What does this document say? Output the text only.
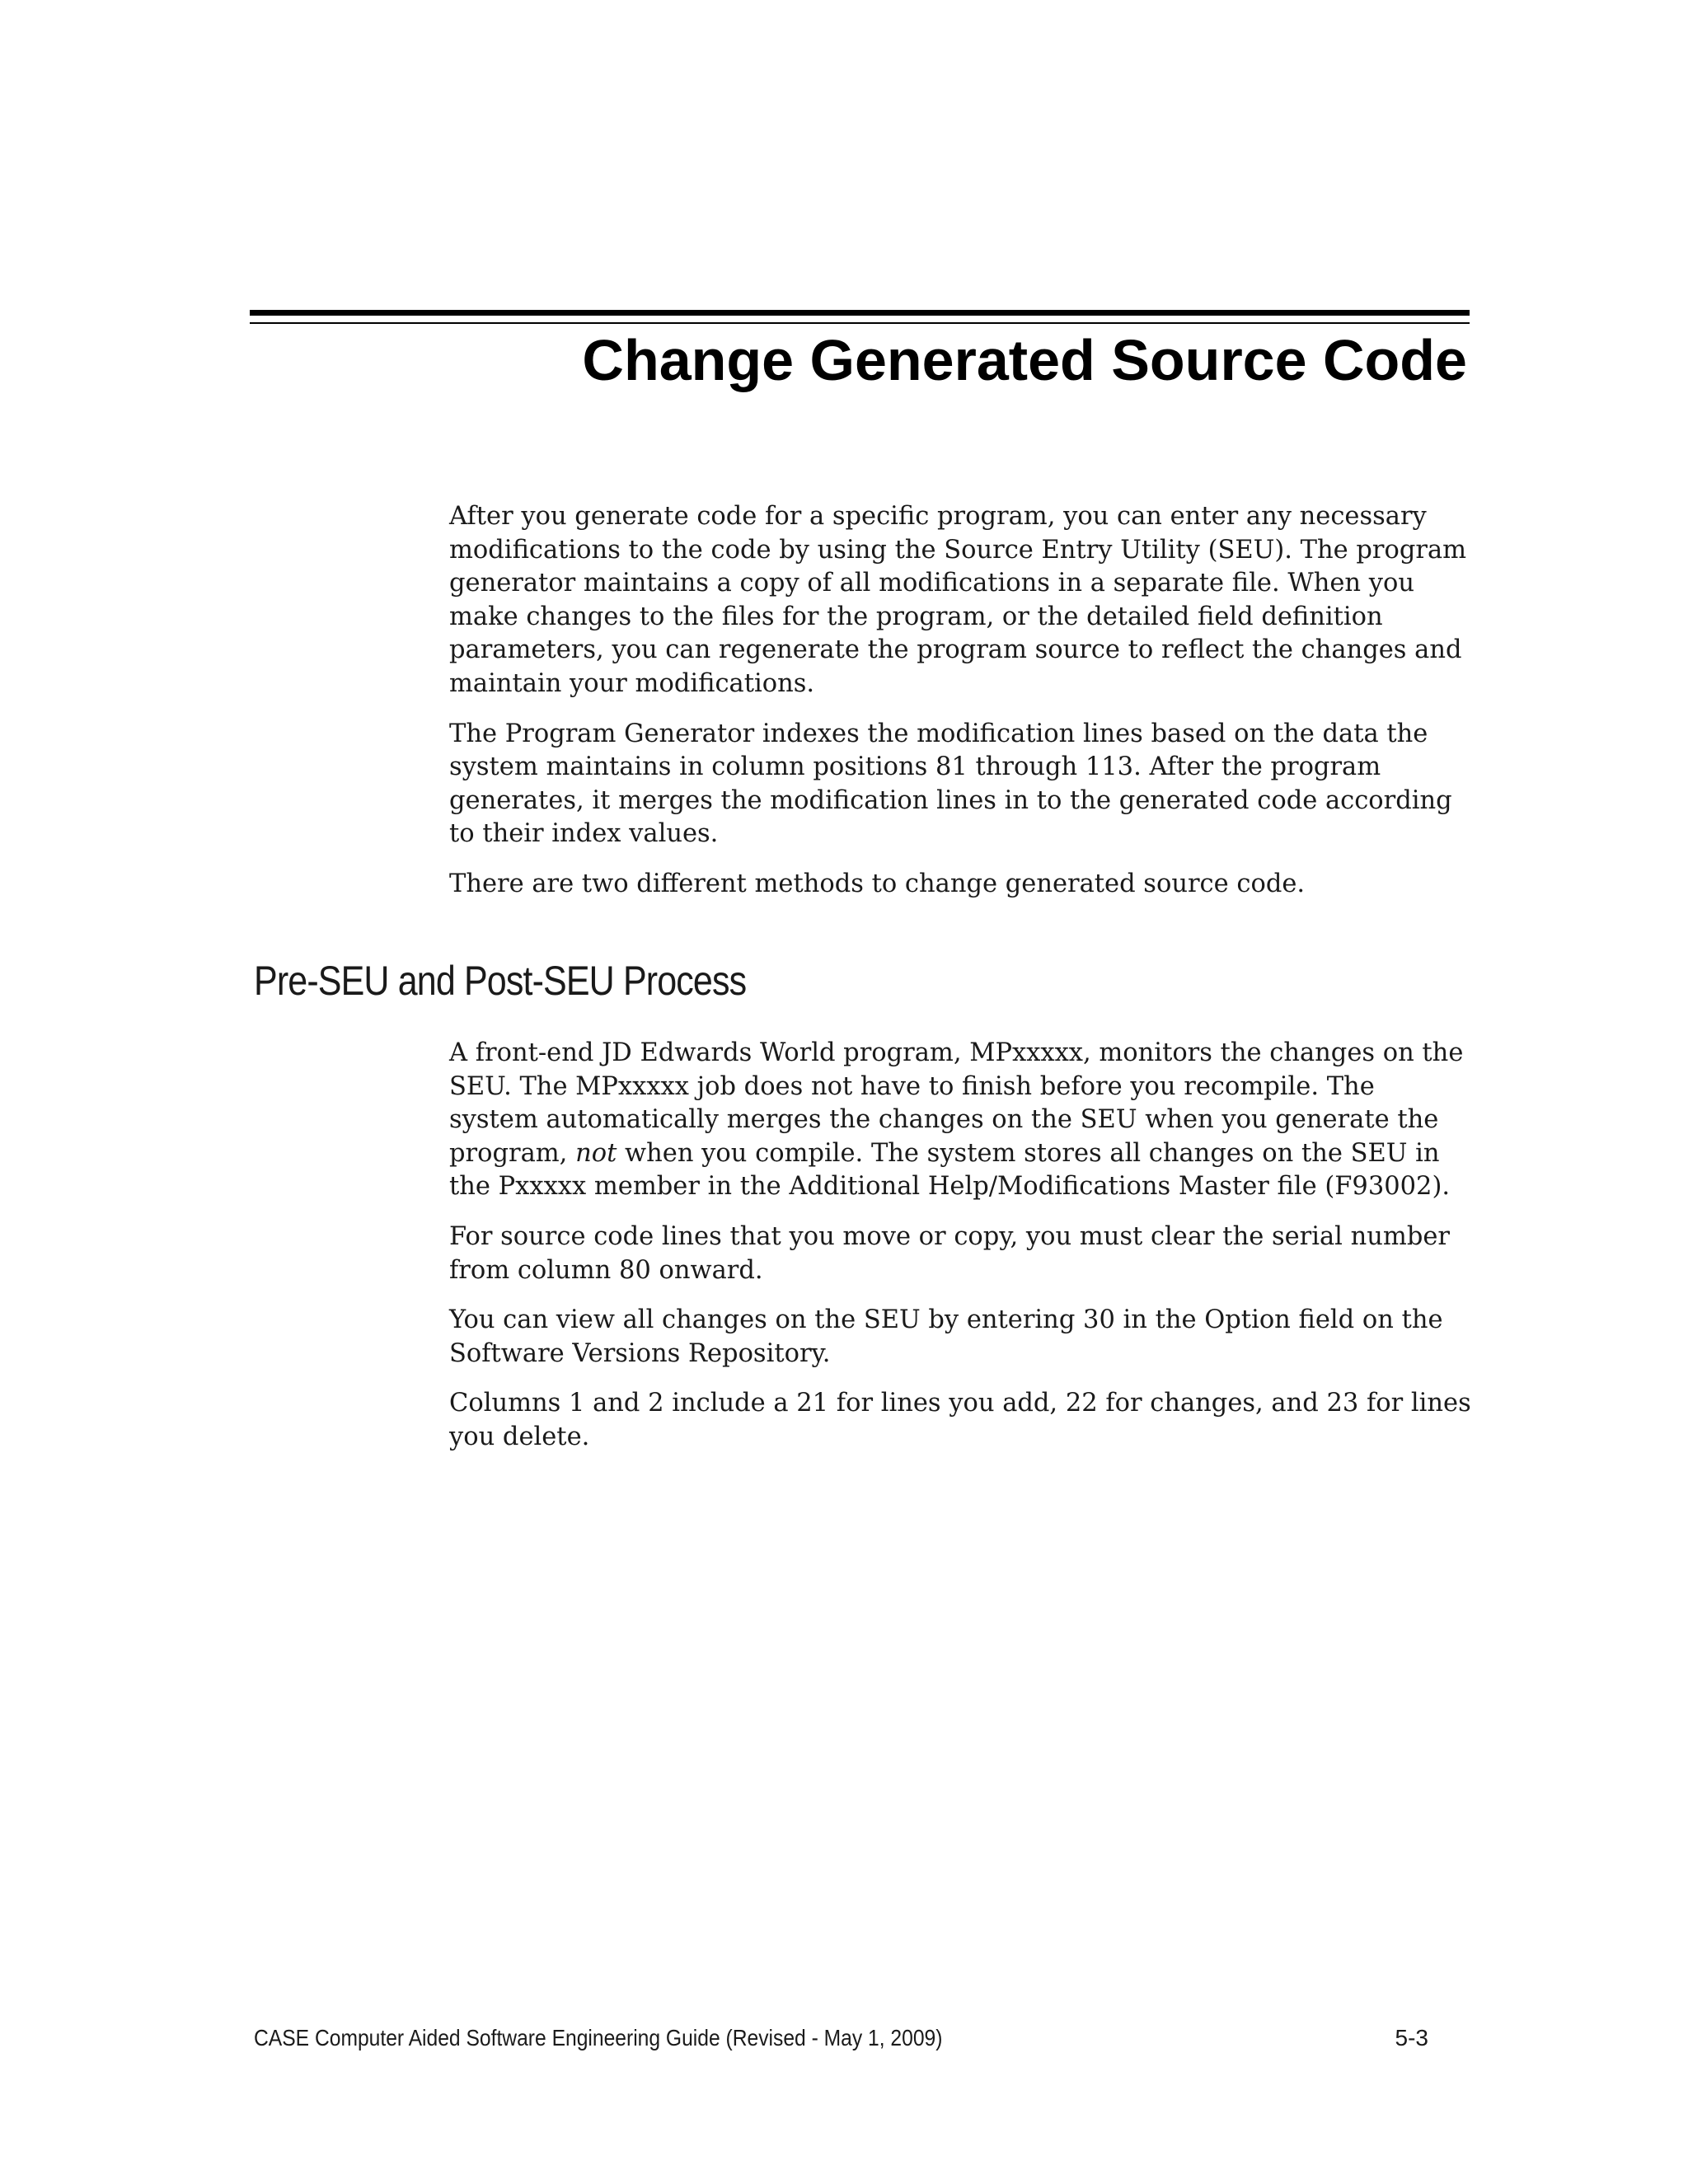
Change Generated Source Code

After you generate code for a specific program, you can enter any necessary modifications to the code by using the Source Entry Utility (SEU). The program generator maintains a copy of all modifications in a separate file. When you make changes to the files for the program, or the detailed field definition parameters, you can regenerate the program source to reflect the changes and maintain your modifications.

The Program Generator indexes the modification lines based on the data the system maintains in column positions 81 through 113. After the program generates, it merges the modification lines in to the generated code according to their index values.

There are two different methods to change generated source code.

Pre-SEU and Post-SEU Process

A front-end JD Edwards World program, MPxxxxx, monitors the changes on the SEU. The MPxxxxx job does not have to finish before you recompile. The system automatically merges the changes on the SEU when you generate the program, not when you compile. The system stores all changes on the SEU in the Pxxxxx member in the Additional Help/Modifications Master file (F93002).

For source code lines that you move or copy, you must clear the serial number from column 80 onward.

You can view all changes on the SEU by entering 30 in the Option field on the Software Versions Repository.

Columns 1 and 2 include a 21 for lines you add, 22 for changes, and 23 for lines you delete.

CASE Computer Aided Software Engineering Guide (Revised - May 1, 2009)	5-3
